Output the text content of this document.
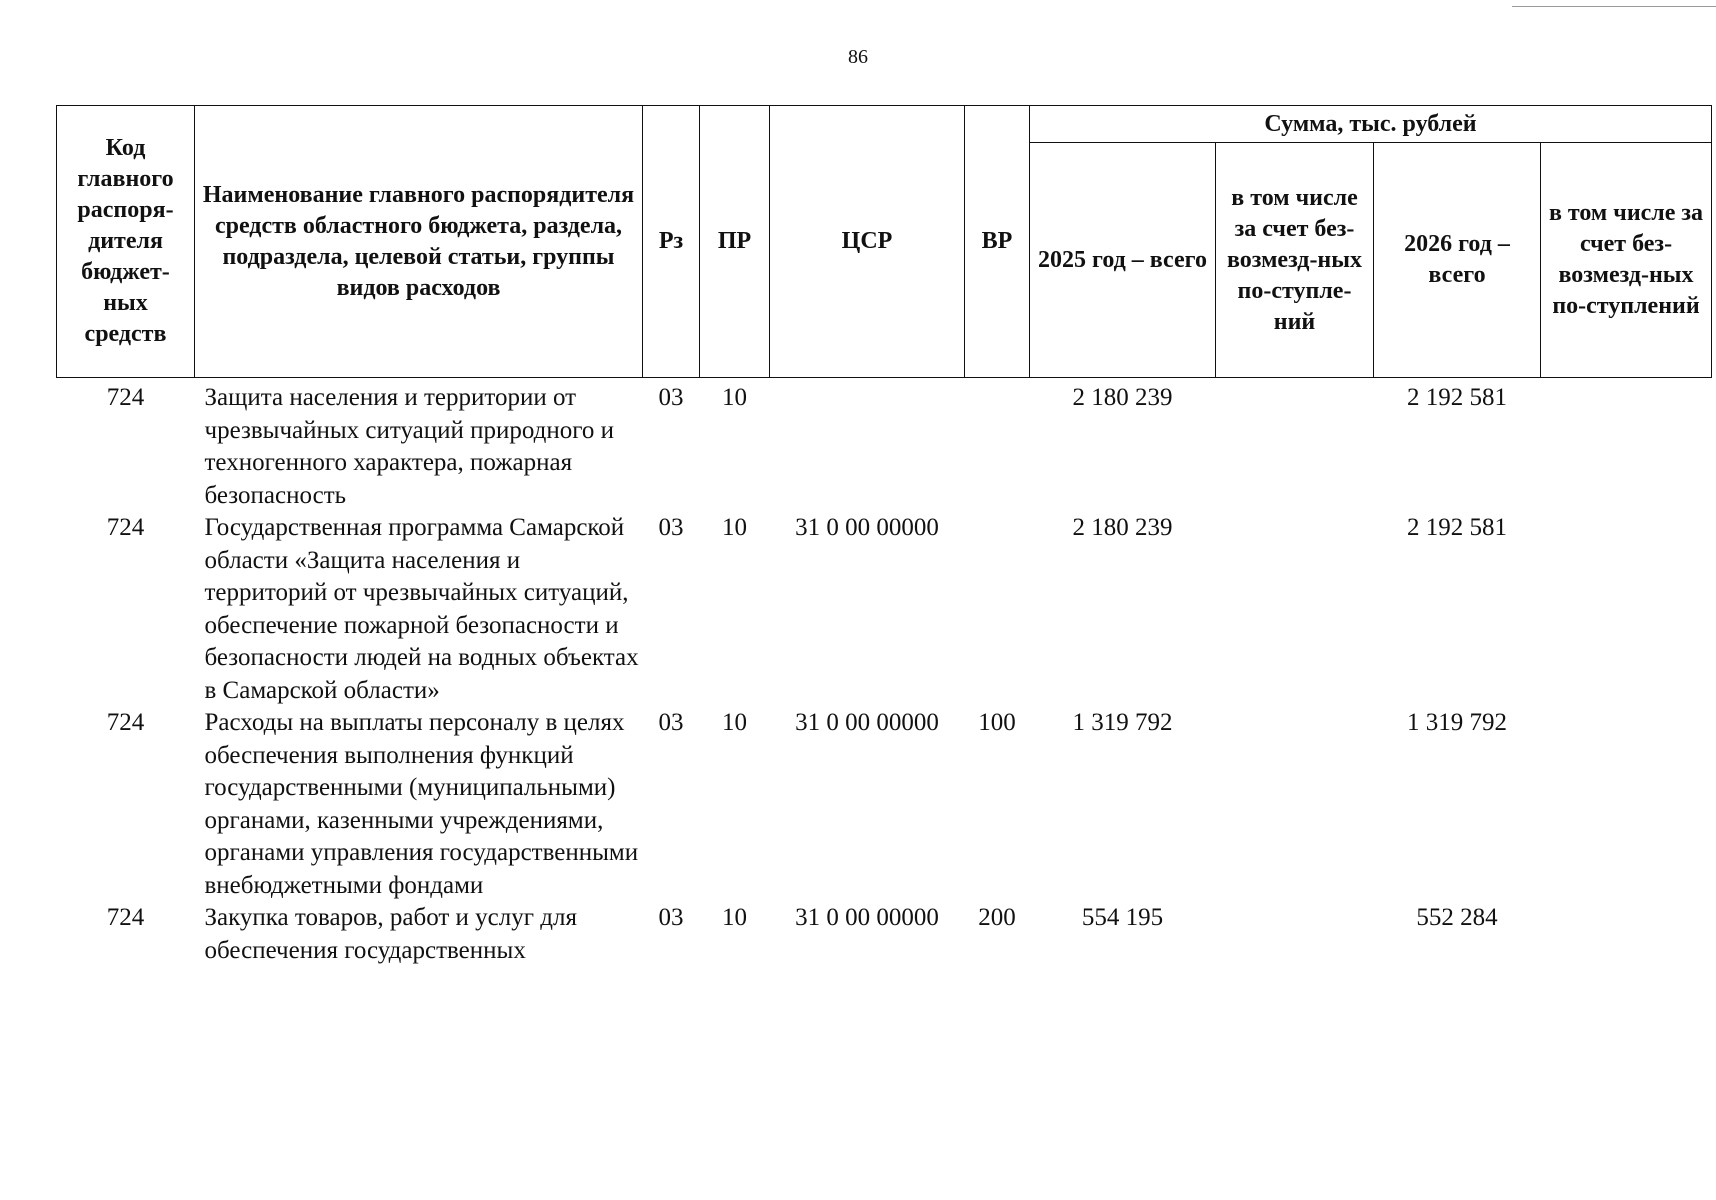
86
Код главного распоря-дителя бюджет-ных средств	Наименование главного распорядителя средств областного бюджета, раздела, подраздела, целевой статьи, группы видов расходов	Рз	ПР	ЦСР	ВР	Сумма, тыс. рублей			
						2025 год – всего	в том числе за счет без-возмезд-ных по-ступле-ний	2026 год – всего	в том числе за счет без-возмезд-ных по-ступлений
724	Защита населения и территории от чрезвычайных ситуаций природного и техногенного характера, пожарная безопасность	03	10			2 180 239		2 192 581	
724	Государственная программа Самарской области «Защита населения и территорий от чрезвычайных ситуаций, обеспечение пожарной безопасности и безопасности людей на водных объектах в Самарской области»	03	10	31 0 00 00000		2 180 239		2 192 581	
724	Расходы на выплаты персоналу в целях обеспечения выполнения функций государственными (муниципальными) органами, казенными учреждениями, органами управления государственными внебюджетными фондами	03	10	31 0 00 00000	100	1 319 792		1 319 792	
724	Закупка товаров, работ и услуг для обеспечения государственных	03	10	31 0 00 00000	200	554 195		552 284	
